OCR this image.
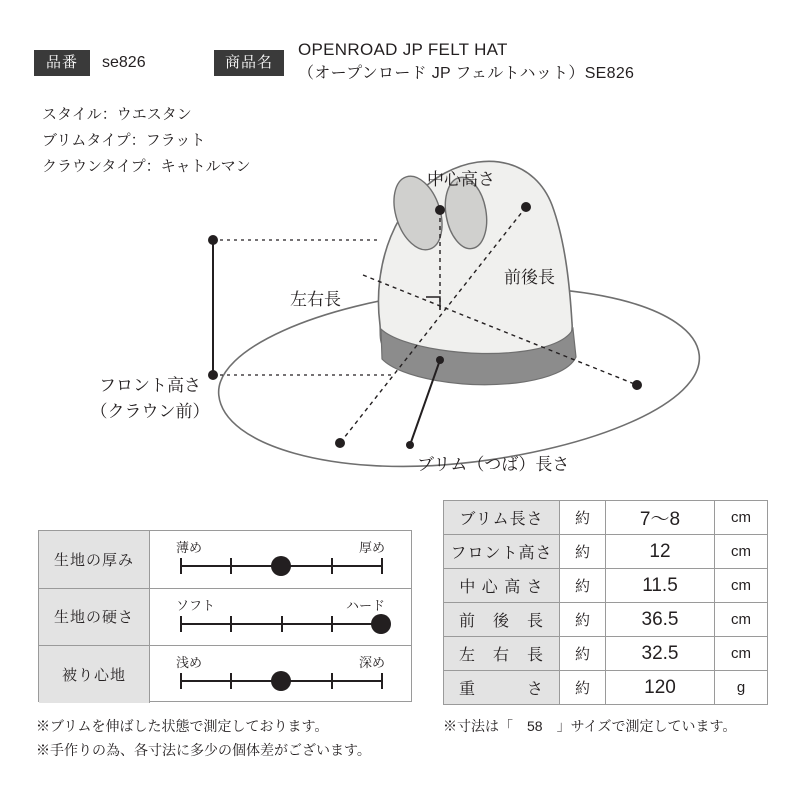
品番	se826	商品名
OPENROAD JP FELT HAT
（オープンロード JP フェルトハット）SE826
スタイル：ウエスタン
ブリムタイプ：フラット
クラウンタイプ：キャトルマン
フロント高さ
（クラウン前）
中心高さ
前後長
左右長
ブリム（つば）長さ
生地の厚み
薄め	厚め
生地の硬さ
ソフト	ハード
被り心地
浅め	深め
ブリム長さ	約	7～8	cm
フロント高さ	約	12	cm
中 心 高 さ	約	11.5	cm
前　後　長	約	36.5	cm
左　右　長	約	32.5	cm
重　　　さ	約	120	g
※ブリムを伸ばした状態で測定しております。
※手作りの為、各寸法に多少の個体差がございます。
※寸法は「　58　」サイズで測定しています。
